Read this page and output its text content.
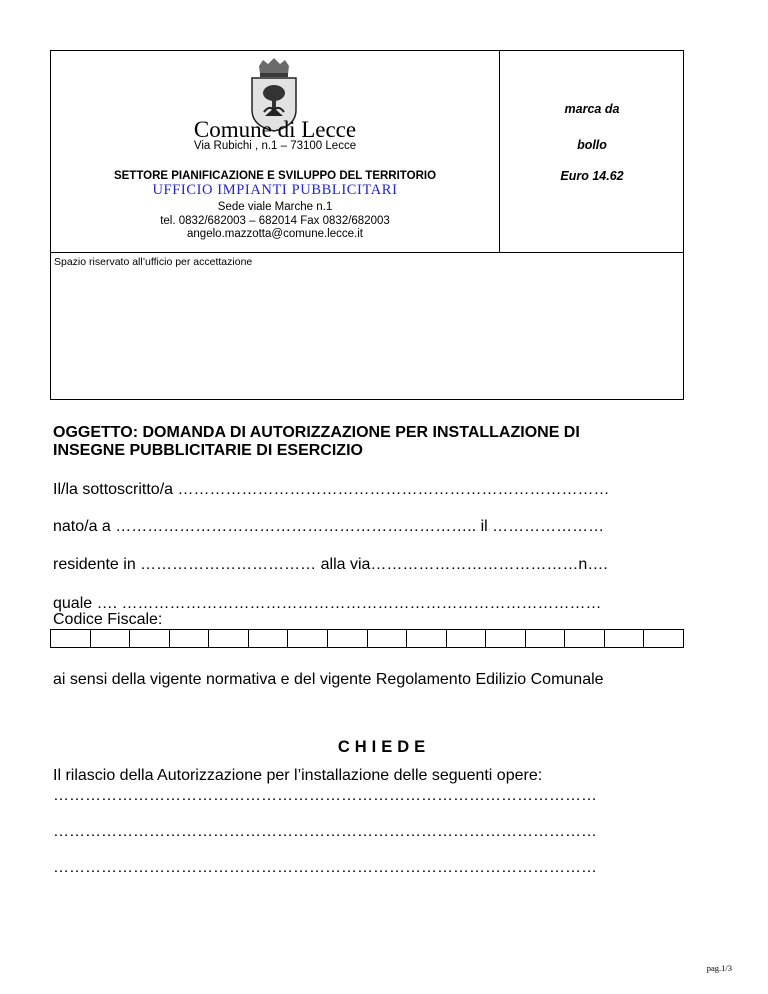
Comune di Lecce
Via Rubichi , n.1 – 73100 Lecce
SETTORE PIANIFICAZIONE E SVILUPPO DEL TERRITORIO
UFFICIO IMPIANTI PUBBLICITARI
Sede viale Marche n.1
tel. 0832/682003 – 682014 Fax 0832/682003
angelo.mazzotta@comune.lecce.it
marca da
bollo
Euro 14.62
Spazio riservato all’ufficio per accettazione
OGGETTO: DOMANDA DI AUTORIZZAZIONE PER INSTALLAZIONE DI
INSEGNE PUBBLICITARIE DI ESERCIZIO
Il/la sottoscritto/a ………………………………………………………………………
nato/a a ………………………………………………………….. il …………………
residente in …………………………… alla via…………………………………n….
quale …. ………………………………………………………………………………
Codice Fiscale:
ai sensi della vigente normativa e del vigente Regolamento Edilizio Comunale
CHIEDE
Il rilascio della Autorizzazione per l’installazione delle seguenti opere:
…………………………………………………………………………………………
…………………………………………………………………………………………
…………………………………………………………………………………………
pag.1/3
